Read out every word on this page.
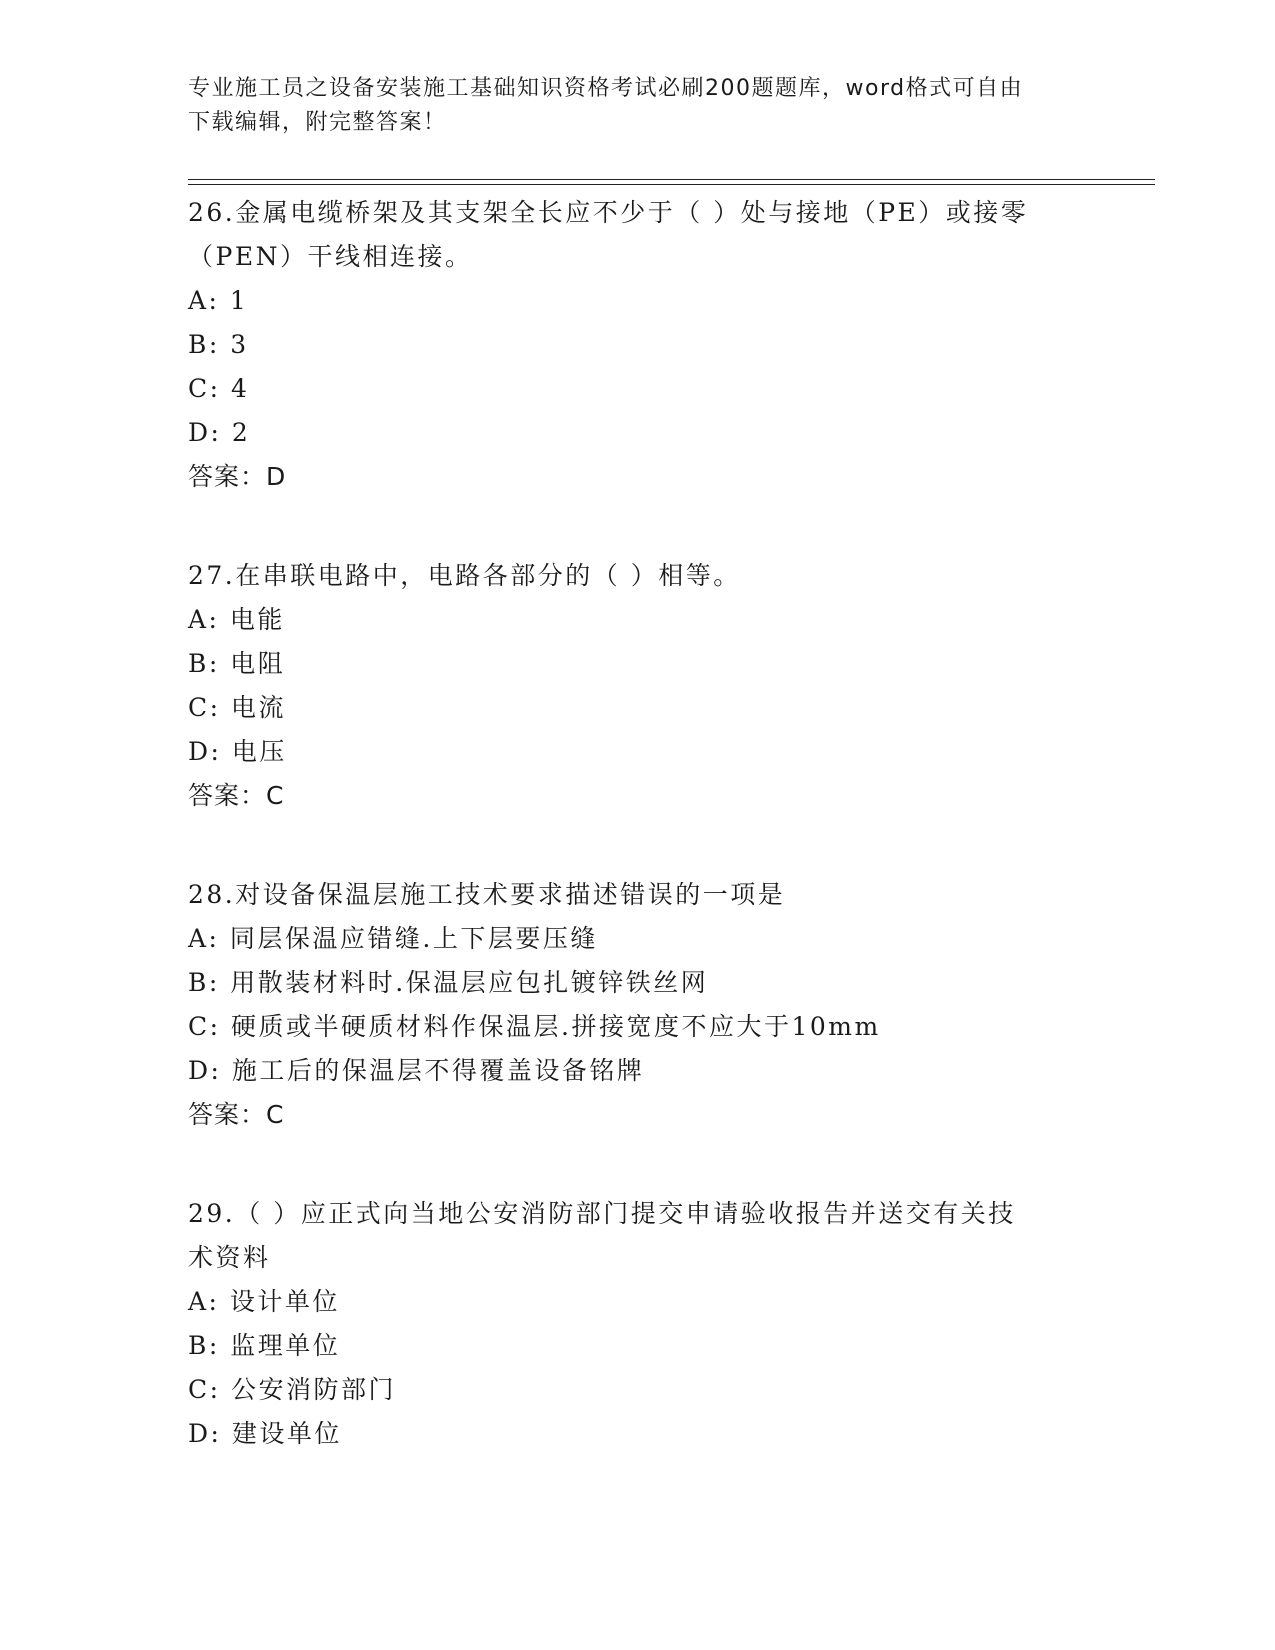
专业施工员之设备安装施工基础知识资格考试必刷200题题库，word格式可自由
下载编辑，附完整答案！
26.金属电缆桥架及其支架全长应不少于（ ）处与接地（PE）或接零
（PEN）干线相连接。
A: 1
B: 3
C: 4
D: 2
答案：D
27.在串联电路中，电路各部分的（ ）相等。
A: 电能
B: 电阻
C: 电流
D: 电压
答案：C
28.对设备保温层施工技术要求描述错误的一项是
A: 同层保温应错缝.上下层要压缝
B: 用散装材料时.保温层应包扎镀锌铁丝网
C: 硬质或半硬质材料作保温层.拼接宽度不应大于10mm
D: 施工后的保温层不得覆盖设备铭牌
答案：C
29.（ ）应正式向当地公安消防部门提交申请验收报告并送交有关技
术资料
A: 设计单位
B: 监理单位
C: 公安消防部门
D: 建设单位
